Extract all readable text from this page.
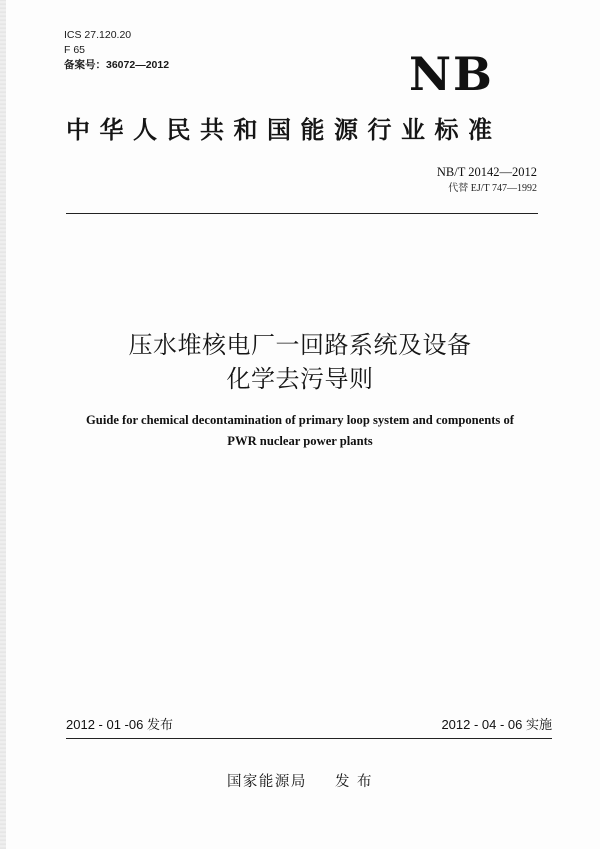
ICS 27.120.20
F 65
备案号：36072—2012	NB
中华人民共和国能源行业标准
NB/T 20142—2012
代替 EJ/T 747—1992
压水堆核电厂一回路系统及设备
化学去污导则
Guide for chemical decontamination of primary loop system and components of
PWR nuclear power plants
2012 - 01 -06 发布	2012 - 04 - 06 实施
国家能源局 发 布
